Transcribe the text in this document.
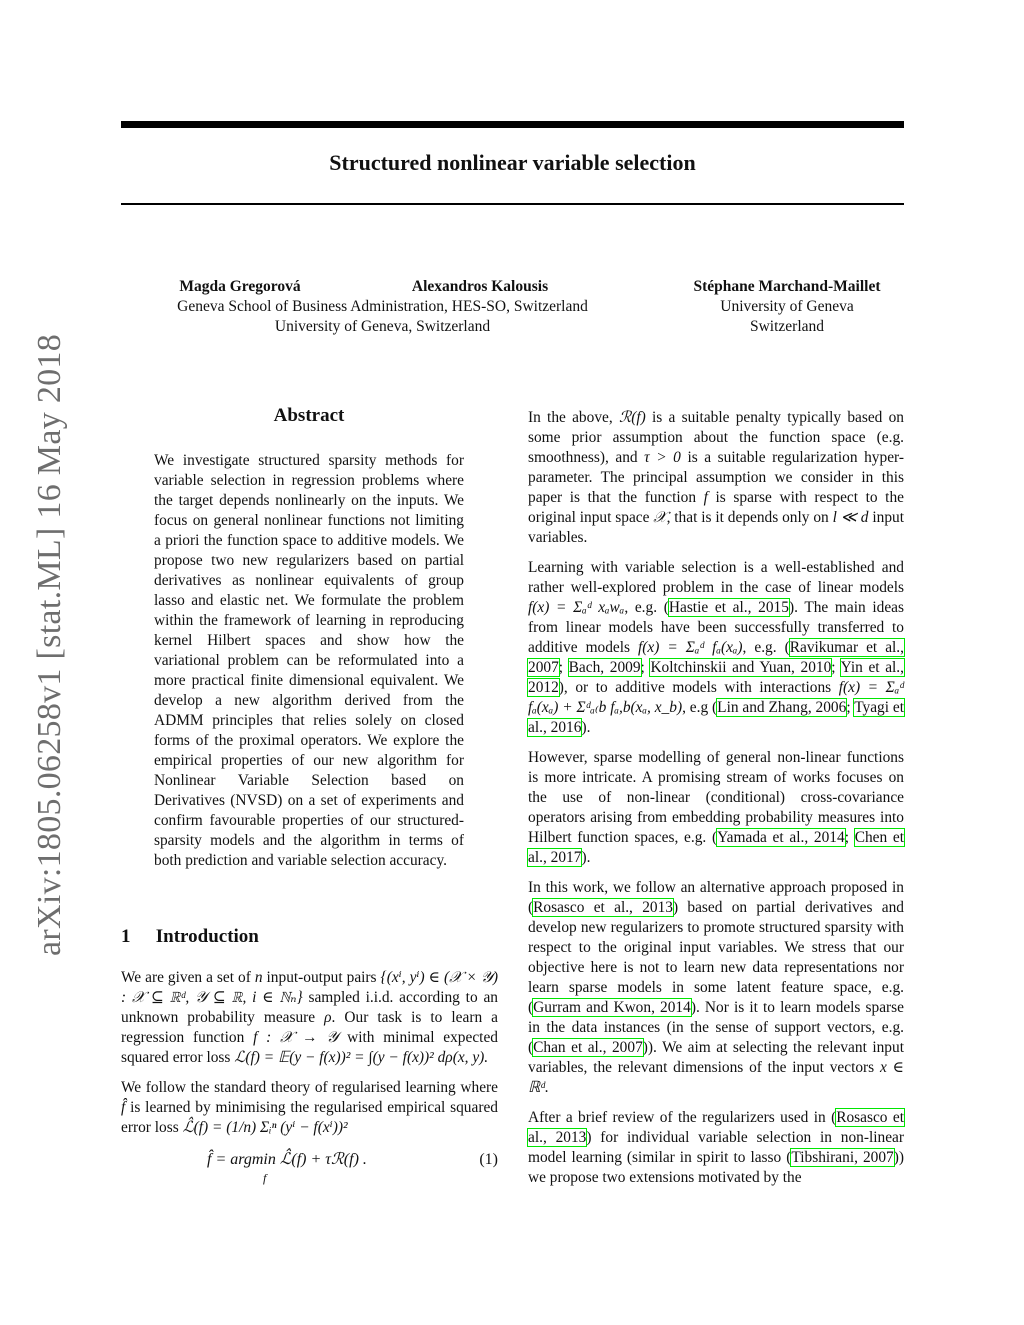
Structured nonlinear variable selection
Magda Gregorová	Alexandros Kalousis
Geneva School of Business Administration, HES-SO, Switzerland
University of Geneva, Switzerland
Stéphane Marchand-Maillet
University of Geneva
Switzerland
arXiv:1805.06258v1 [stat.ML] 16 May 2018	Abstract

We investigate structured sparsity methods for variable selection in regression problems where the target depends nonlinearly on the inputs. We focus on general nonlinear functions not limiting a priori the function space to additive models. We propose two new regularizers based on partial derivatives as nonlinear equivalents of group lasso and elastic net. We formulate the problem within the framework of learning in reproducing kernel Hilbert spaces and show how the variational problem can be reformulated into a more practical finite dimensional equivalent. We develop a new algorithm derived from the ADMM principles that relies solely on closed forms of the proximal operators. We explore the empirical properties of our new algorithm for Nonlinear Variable Selection based on Derivatives (NVSD) on a set of experiments and confirm favourable properties of our structured-sparsity models and the algorithm in terms of both prediction and variable selection accuracy.

1 Introduction

We are given a set of n input-output pairs {(xⁱ, yⁱ) ∈ (𝒳 × 𝒴) : 𝒳 ⊆ ℝᵈ, 𝒴 ⊆ ℝ, i ∈ ℕₙ} sampled i.i.d. according to an unknown probability measure ρ. Our task is to learn a regression function f : 𝒳 → 𝒴 with minimal expected squared error loss ℒ(f) = 𝔼(y − f(x))² = ∫(y − f(x))² dρ(x, y).

We follow the standard theory of regularised learning where f̂ is learned by minimising the regularised empirical squared error loss ℒ̂(f) = (1/n) Σᵢⁿ (yⁱ − f(xⁱ))²

f̂ = argmin ℒ̂(f) + τℛ(f) .
f
(1)

In the above, ℛ(f) is a suitable penalty typically based on some prior assumption about the function space (e.g. smoothness), and τ > 0 is a suitable regularization hyper-parameter. The principal assumption we consider in this paper is that the function f is sparse with respect to the original input space 𝒳, that is it depends only on l ≪ d input variables.

Learning with variable selection is a well-established and rather well-explored problem in the case of linear models f(x) = Σₐᵈ xₐwₐ, e.g. (Hastie et al., 2015). The main ideas from linear models have been successfully transferred to additive models f(x) = Σₐᵈ fₐ(xₐ), e.g. (Ravikumar et al., 2007; Bach, 2009; Koltchinskii and Yuan, 2010; Yin et al., 2012), or to additive models with interactions f(x) = Σₐᵈ fₐ(xₐ) + Σᵈₐ₍b fₐ,b(xₐ, x_b), e.g (Lin and Zhang, 2006; Tyagi et al., 2016).

However, sparse modelling of general non-linear functions is more intricate. A promising stream of works focuses on the use of non-linear (conditional) cross-covariance operators arising from embedding probability measures into Hilbert function spaces, e.g. (Yamada et al., 2014; Chen et al., 2017).

In this work, we follow an alternative approach proposed in (Rosasco et al., 2013) based on partial derivatives and develop new regularizers to promote structured sparsity with respect to the original input variables. We stress that our objective here is not to learn new data representations nor learn sparse models in some latent feature space, e.g. (Gurram and Kwon, 2014). Nor is it to learn models sparse in the data instances (in the sense of support vectors, e.g. (Chan et al., 2007)). We aim at selecting the relevant input variables, the relevant dimensions of the input vectors x ∈ ℝᵈ.

After a brief review of the regularizers used in (Rosasco et al., 2013) for individual variable selection in non-linear model learning (similar in spirit to lasso (Tibshirani, 2007)) we propose two extensions motivated by the
